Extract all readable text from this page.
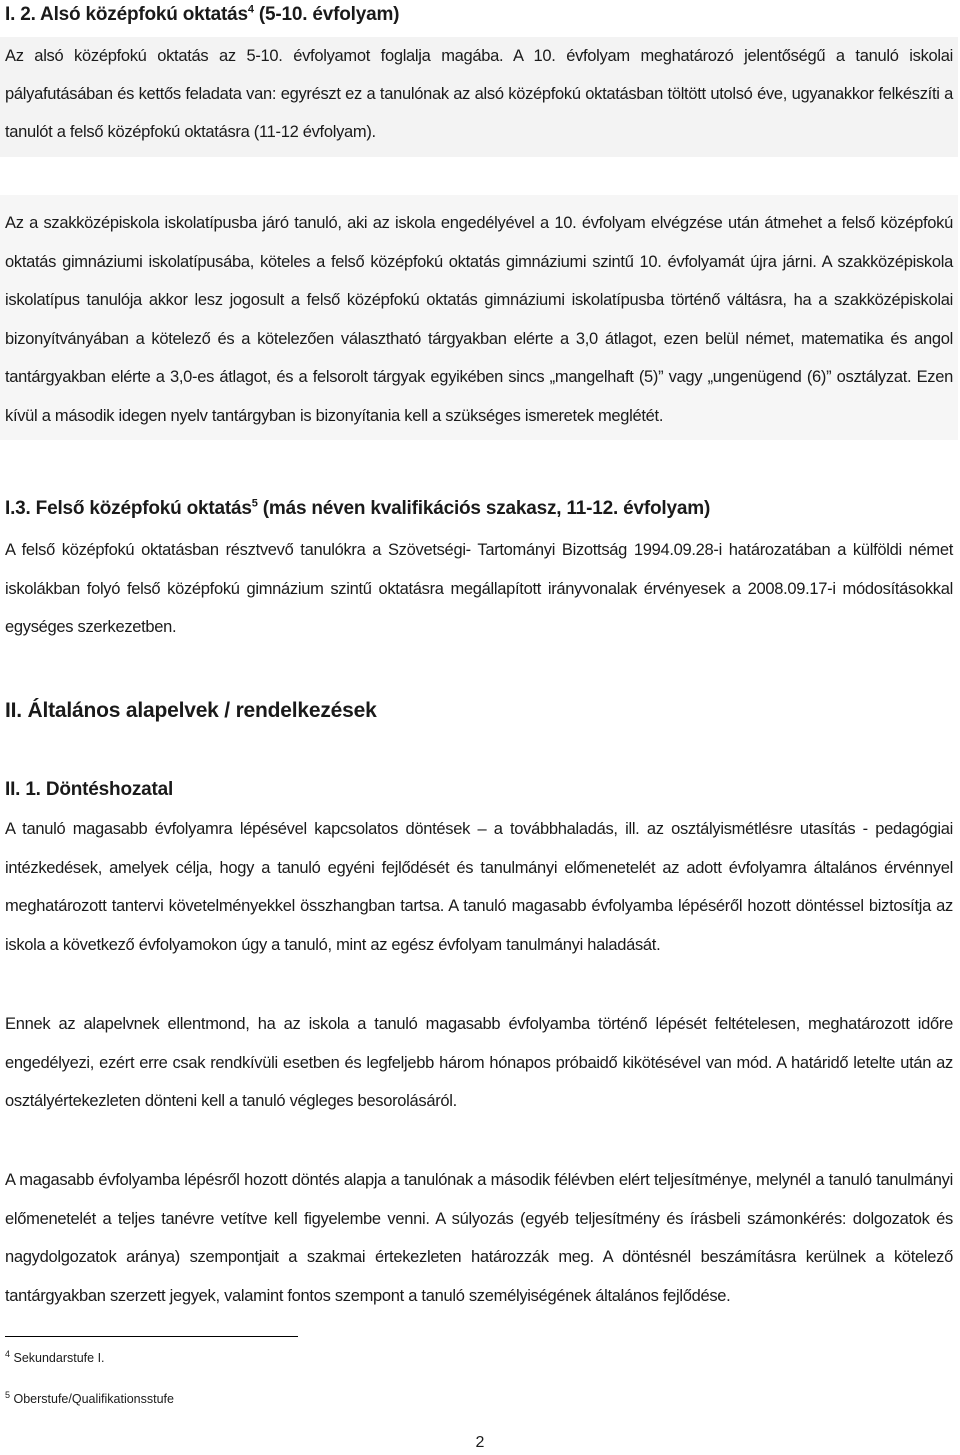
I. 2. Alsó középfokú oktatás$^4$ (5-10. évfolyam)
Az alsó középfokú oktatás az 5-10. évfolyamot foglalja magába. A 10. évfolyam meghatározó jelentőségű a tanuló iskolai pályafutásában és kettős feladata van: egyrészt ez a tanulónak az alsó középfokú oktatásban töltött utolsó éve, ugyanakkor felkészíti a tanulót a felső középfokú oktatásra (11-12 évfolyam).
Az a szakközépiskola iskolatípusba járó tanuló, aki az iskola engedélyével a 10. évfolyam elvégzése után átmehet a felső középfokú oktatás gimnáziumi iskolatípusába, köteles a felső középfokú oktatás gimnáziumi szintű 10. évfolyamát újra járni. A szakközépiskola iskolatípus tanulója akkor lesz jogosult a felső középfokú oktatás gimnáziumi iskolatípusba történő váltásra, ha a szakközépiskolai bizonyítványában a kötelező és a kötelezően választható tárgyakban elérte a 3,0 átlagot, ezen belül német, matematika és angol tantárgyakban elérte a 3,0-es átlagot, és a felsorolt tárgyak egyikében sincs „mangelhaft (5)” vagy „ungenügend (6)” osztályzat. Ezen kívül a második idegen nyelv tantárgyban is bizonyítania kell a szükséges ismeretek meglétét.
I.3. Felső középfokú oktatás$^5$ (más néven kvalifikációs szakasz, 11-12. évfolyam)
A felső középfokú oktatásban résztvevő tanulókra a Szövetségi- Tartományi Bizottság 1994.09.28-i határozatában a külföldi német iskolákban folyó felső középfokú gimnázium szintű oktatásra megállapított irányvonalak érvényesek a 2008.09.17-i módosításokkal egységes szerkezetben.
II. Általános alapelvek / rendelkezések
II. 1. Döntéshozatal
A tanuló magasabb évfolyamra lépésével kapcsolatos döntések – a továbbhaladás, ill. az osztályismétlésre utasítás - pedagógiai intézkedések, amelyek célja, hogy a tanuló egyéni fejlődését és tanulmányi előmenetelét az adott évfolyamra általános érvénnyel meghatározott tantervi követelményekkel összhangban tartsa. A tanuló magasabb évfolyamba lépéséről hozott döntéssel biztosítja az iskola a következő évfolyamokon úgy a tanuló, mint az egész évfolyam tanulmányi haladását.
Ennek az alapelvnek ellentmond, ha az iskola a tanuló magasabb évfolyamba történő lépését feltételesen, meghatározott időre engedélyezi, ezért erre csak rendkívüli esetben és legfeljebb három hónapos próbaidő kikötésével van mód. A határidő letelte után az osztályértekezleten dönteni kell a tanuló végleges besorolásáról.
A magasabb évfolyamba lépésről hozott döntés alapja a tanulónak a második félévben elért teljesítménye, melynél a tanuló tanulmányi előmenetelét a teljes tanévre vetítve kell figyelembe venni. A súlyozás (egyéb teljesítmény és írásbeli számonkérés: dolgozatok és nagydolgozatok aránya) szempontjait a szakmai értekezleten határozzák meg. A döntésnél beszámításra kerülnek a kötelező tantárgyakban szerzett jegyek, valamint fontos szempont a tanuló személyiségének általános fejlődése.
$^4$ Sekundarstufe I.
$^5$ Oberstufe/Qualifikationsstufe
2
